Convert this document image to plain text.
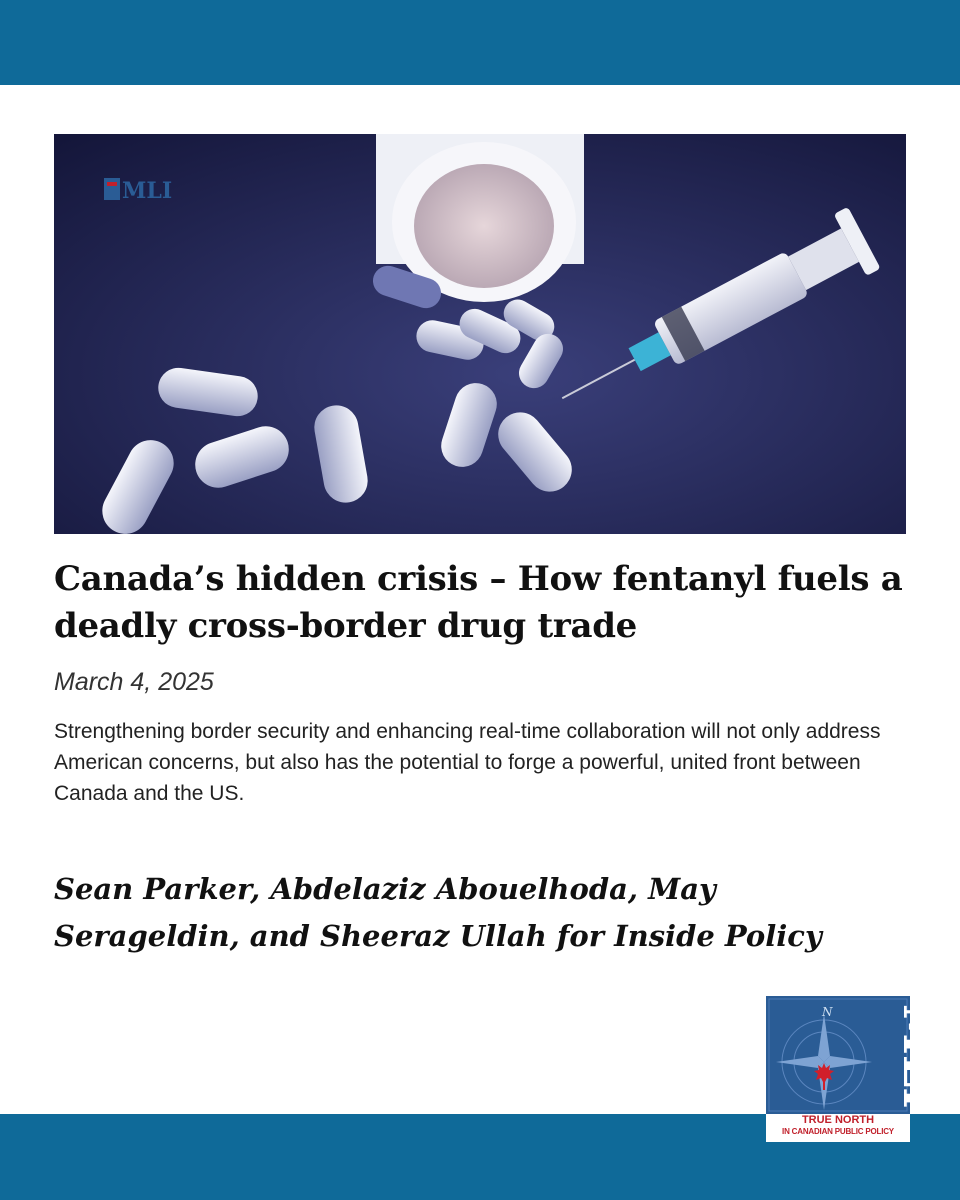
MLI
Canada’s hidden crisis – How fentanyl fuels a deadly cross-border drug trade
March 4, 2025

Strengthening border security and enhancing real-time collaboration will not only address American concerns, but also has the potential to forge a powerful, united front between Canada and the US.

Sean Parker, Abdelaziz Abouelhoda, May Serageldin, and Sheeraz Ullah for Inside Policy

N MLI
TRUE NORTH
IN CANADIAN PUBLIC POLICY
